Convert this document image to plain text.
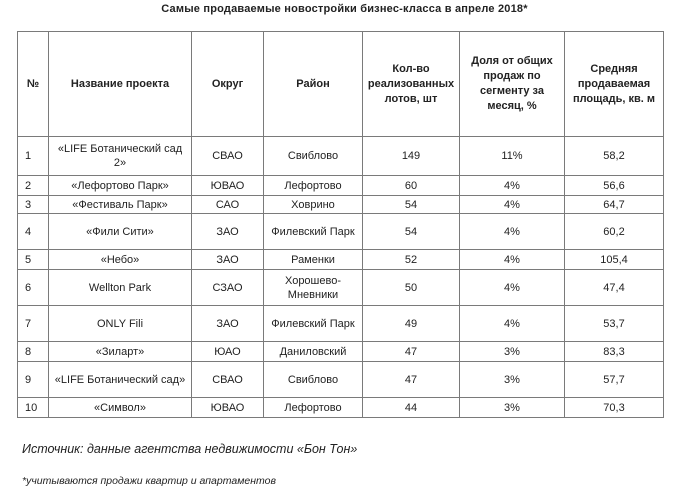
Самые продаваемые новостройки бизнес-класса в апреле 2018*
№	Название проекта	Округ	Район	Кол-во реализованных лотов, шт	Доля от общих продаж по сегменту за месяц, %	Средняя продаваемая площадь, кв. м
1	«LIFE Ботанический сад 2»	СВАО	Свиблово	149	11%	58,2
2	«Лефортово Парк»	ЮВАО	Лефортово	60	4%	56,6
3	«Фестиваль Парк»	САО	Ховрино	54	4%	64,7
4	«Фили Сити»	ЗАО	Филевский Парк	54	4%	60,2
5	«Небо»	ЗАО	Раменки	52	4%	105,4
6	Wellton Park	СЗАО	Хорошево-Мневники	50	4%	47,4
7	ONLY Fili	ЗАО	Филевский Парк	49	4%	53,7
8	«Зиларт»	ЮАО	Даниловский	47	3%	83,3
9	«LIFE Ботанический сад»	СВАО	Свиблово	47	3%	57,7
10	«Символ»	ЮВАО	Лефортово	44	3%	70,3
Источник: данные агентства недвижимости «Бон Тон»
*учитываются продажи квартир и апартаментов
